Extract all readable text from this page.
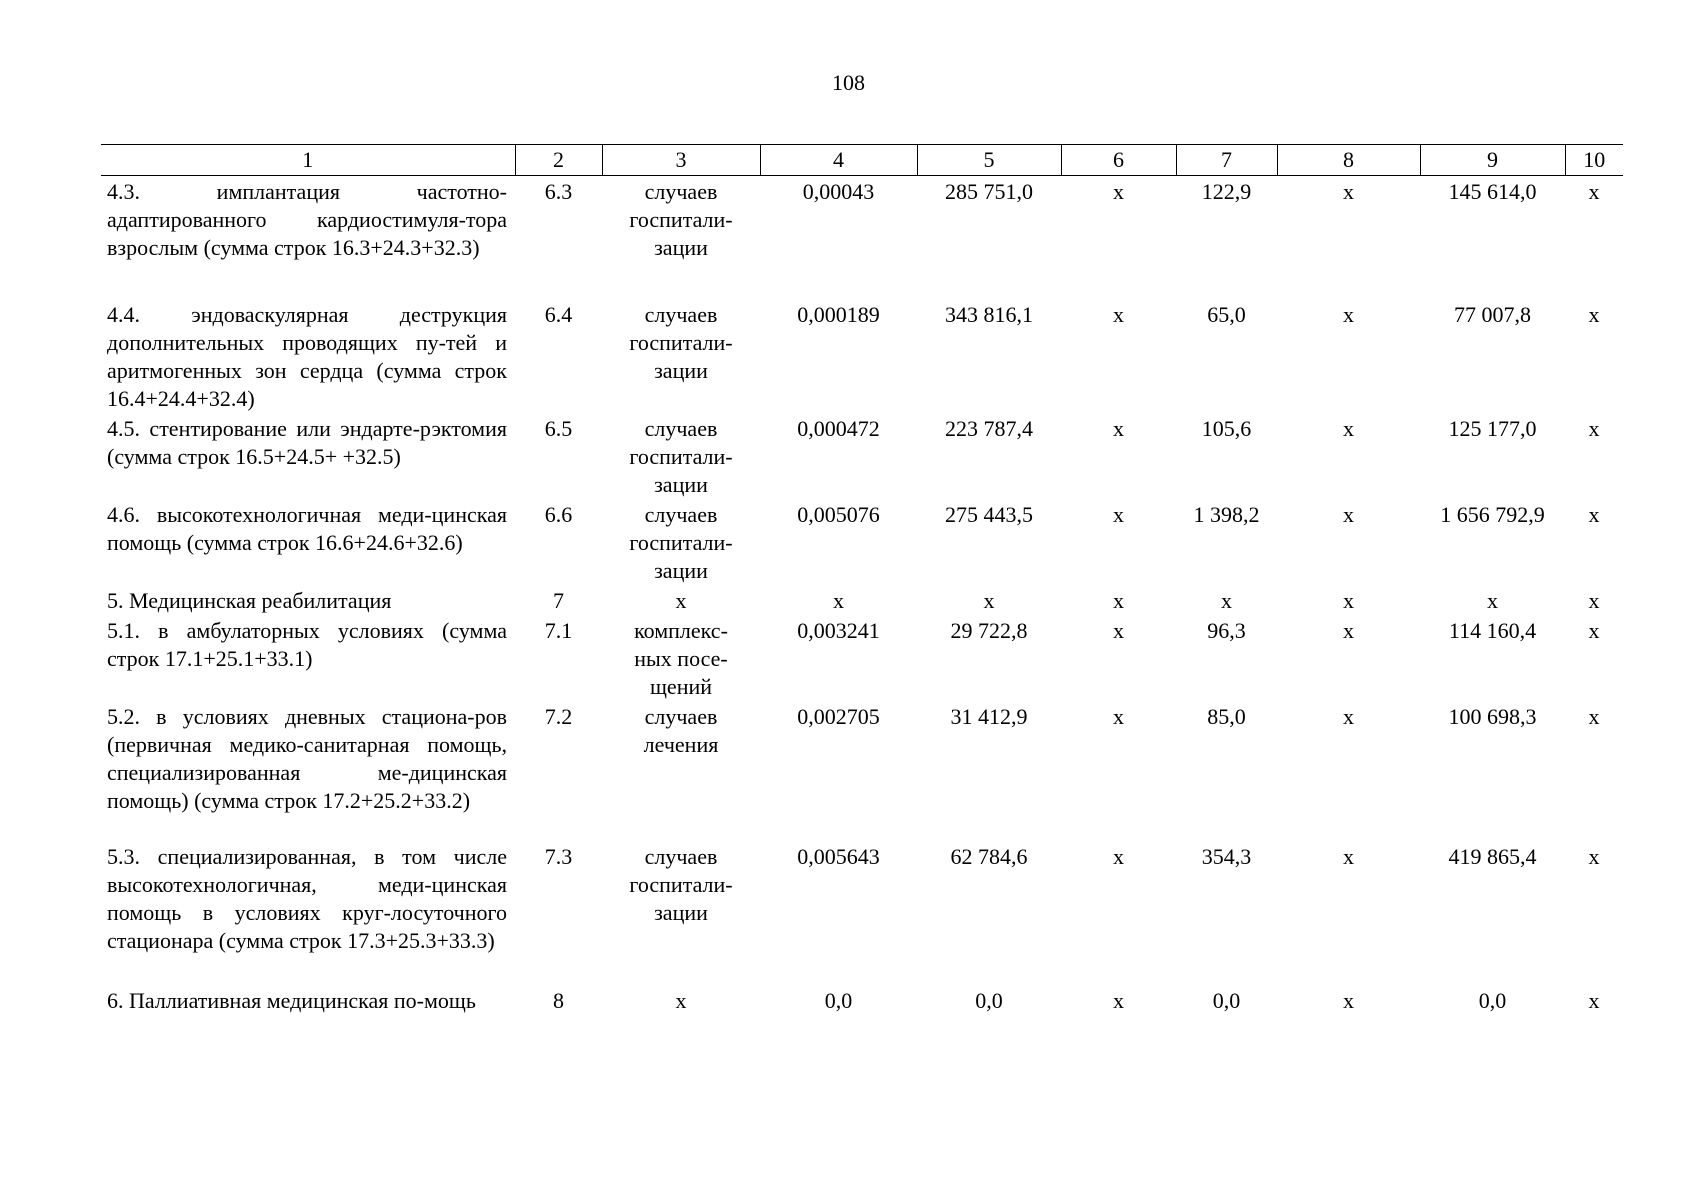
108
1	2	3	4	5	6	7	8	9	10
4.3. имплантация частотно-адаптированного кардиостимуля-тора взрослым (сумма строк 16.3+24.3+32.3)	6.3	случаев
госпитали-
зации	0,00043	285 751,0	х	122,9	х	145 614,0	х
4.4. эндоваскулярная деструкция дополнительных проводящих пу-тей и аритмогенных зон сердца (сумма строк 16.4+24.4+32.4)	6.4	случаев
госпитали-
зации	0,000189	343 816,1	х	65,0	х	77 007,8	х
4.5. стентирование или эндарте-рэктомия (сумма строк 16.5+24.5+ +32.5)	6.5	случаев
госпитали-
зации	0,000472	223 787,4	х	105,6	х	125 177,0	х
4.6. высокотехнологичная меди-цинская помощь (сумма строк 16.6+24.6+32.6)	6.6	случаев
госпитали-
зации	0,005076	275 443,5	х	1 398,2	х	1 656 792,9	х
5. Медицинская реабилитация	7	х	х	х	х	х	х	х	х
5.1. в амбулаторных условиях (сумма строк 17.1+25.1+33.1)	7.1	комплекс-
ных посе-
щений	0,003241	29 722,8	х	96,3	х	114 160,4	х
5.2. в условиях дневных стациона-ров (первичная медико-санитарная помощь, специализированная ме-дицинская помощь) (сумма строк 17.2+25.2+33.2)	7.2	случаев
лечения	0,002705	31 412,9	х	85,0	х	100 698,3	х
5.3. специализированная, в том числе высокотехнологичная, меди-цинская помощь в условиях круг-лосуточного стационара (сумма строк 17.3+25.3+33.3)	7.3	случаев
госпитали-
зации	0,005643	62 784,6	х	354,3	х	419 865,4	х
6. Паллиативная медицинская по-мощь	8	х	0,0	0,0	х	0,0	х	0,0	х
